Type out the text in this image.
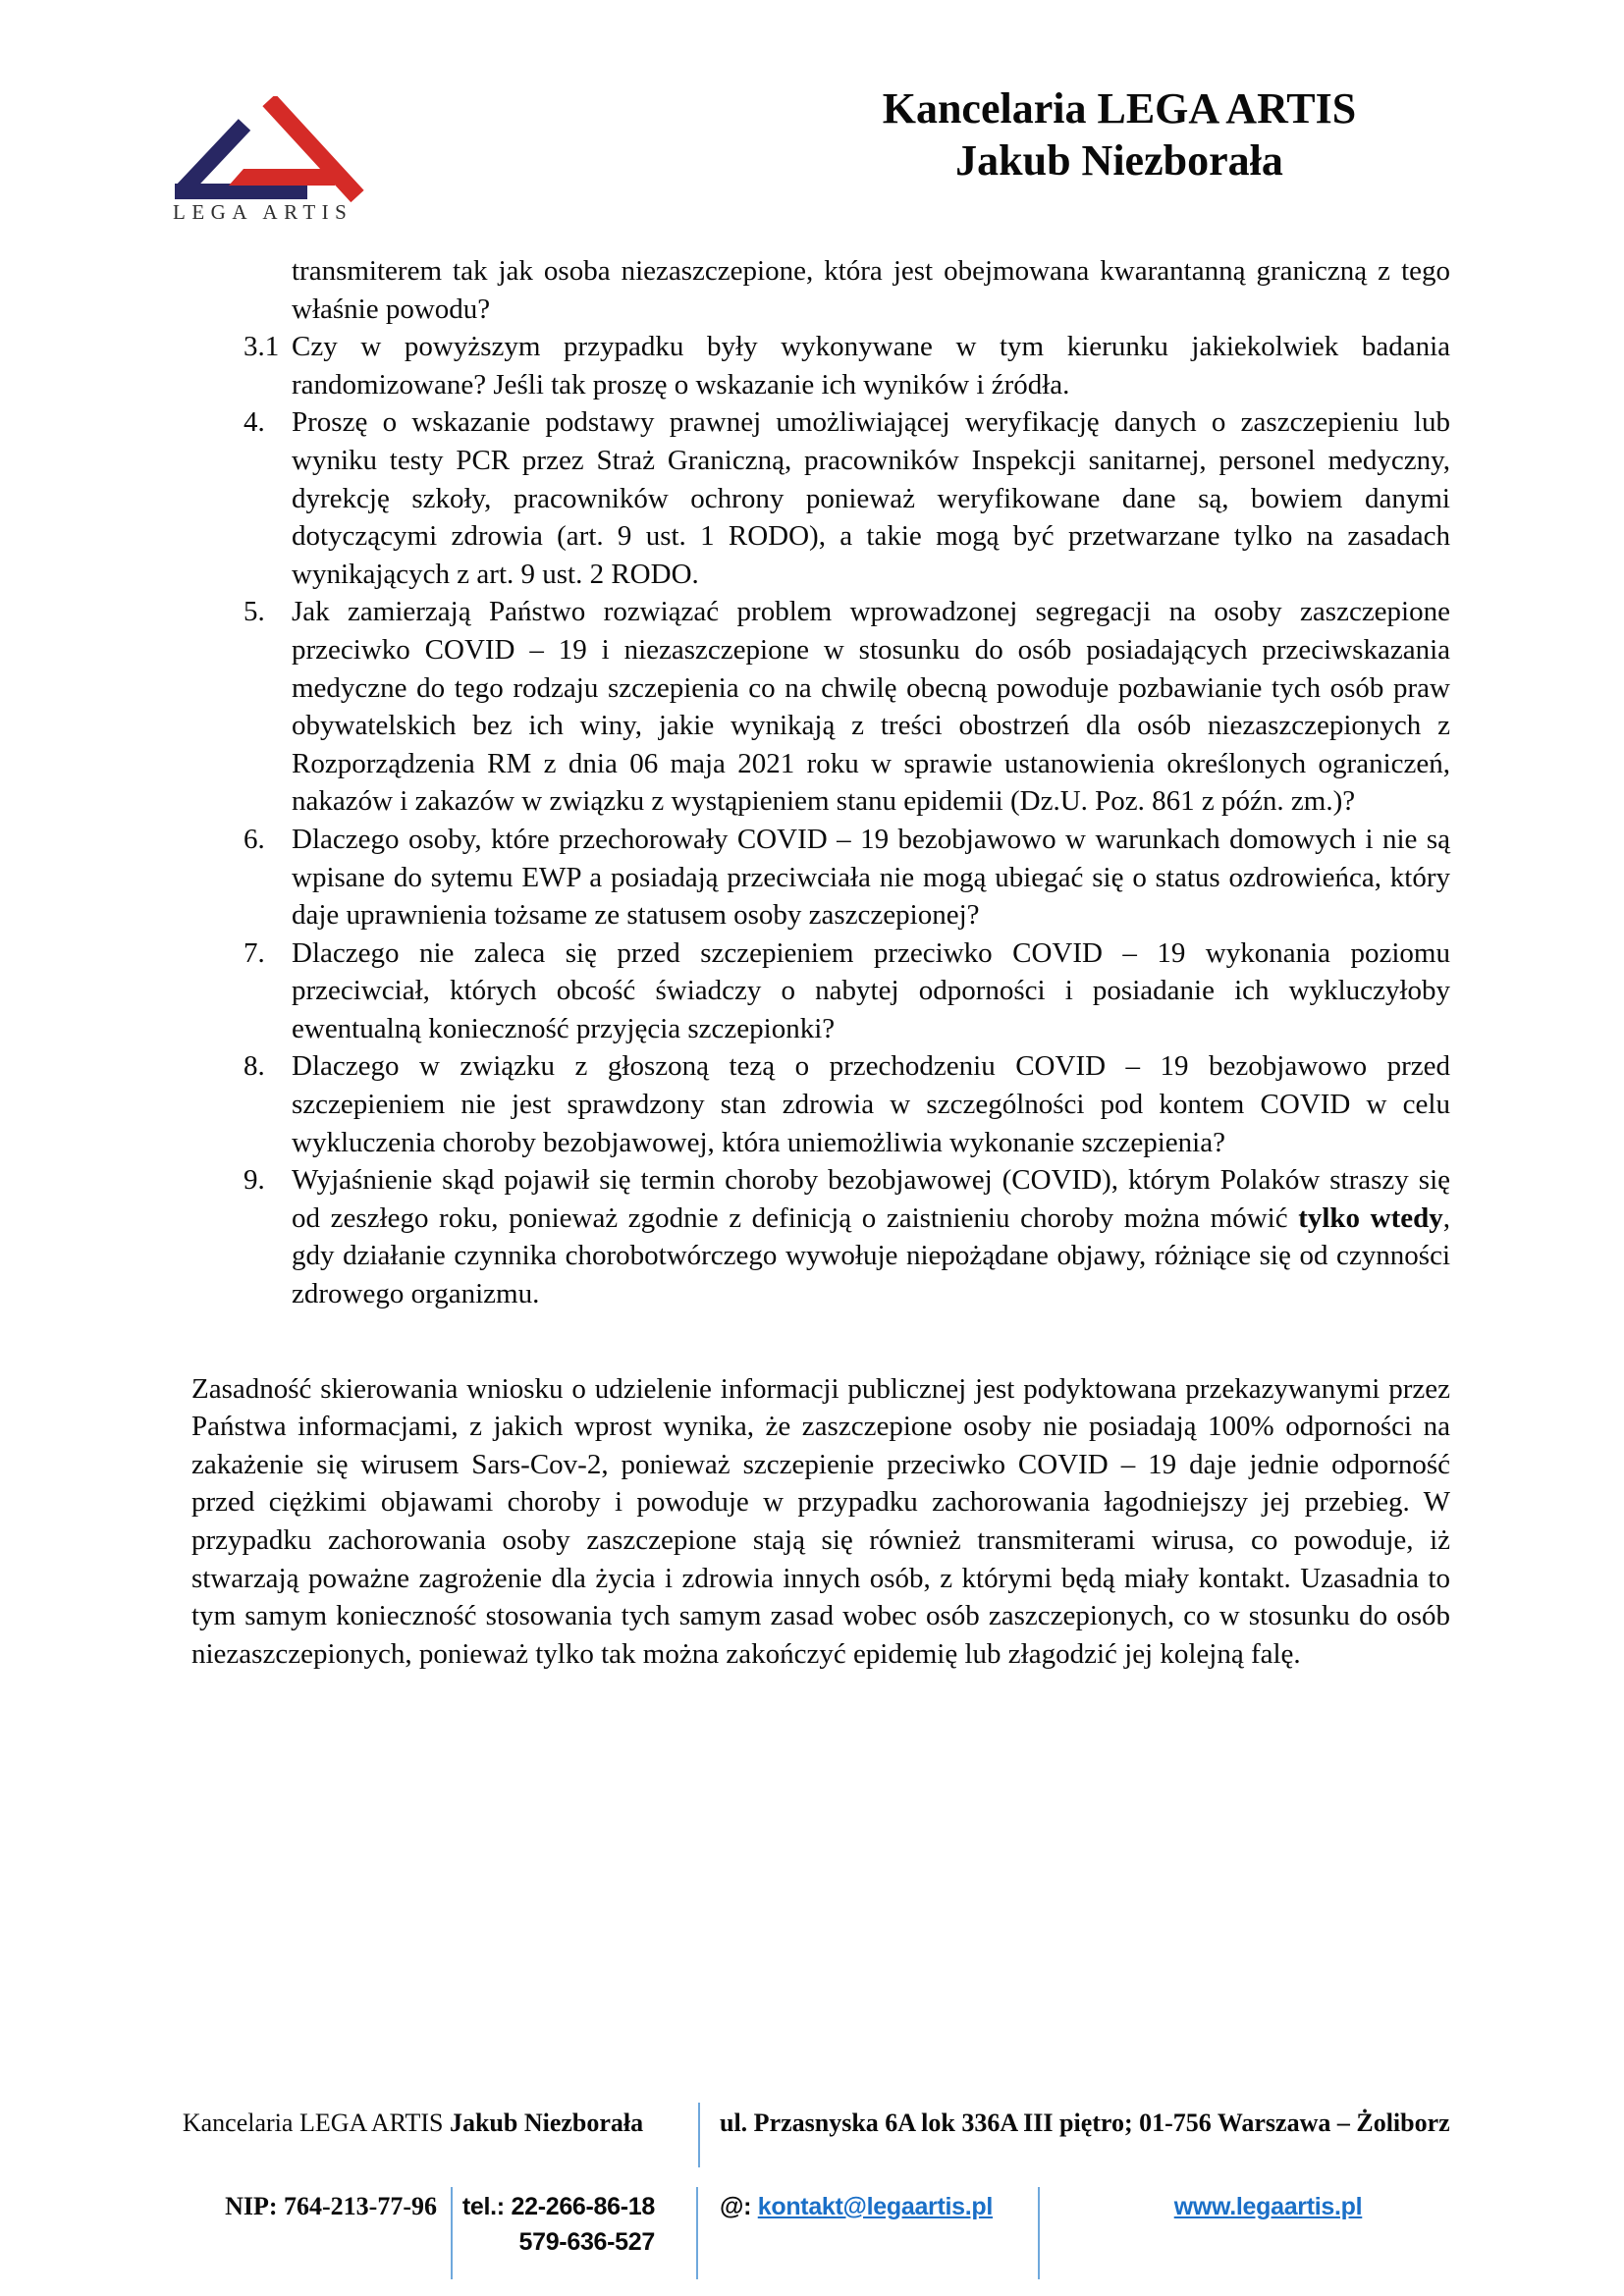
LEGA ARTIS
Kancelaria LEGA ARTIS
Jakub Niezborała
transmiterem tak jak osoba niezaszczepione, która jest obejmowana kwarantanną graniczną z tego właśnie powodu?
3.1 Czy w powyższym przypadku były wykonywane w tym kierunku jakiekolwiek badania randomizowane? Jeśli tak proszę o wskazanie ich wyników i źródła.
4. Proszę o wskazanie podstawy prawnej umożliwiającej weryfikację danych o zaszczepieniu lub wyniku testy PCR przez Straż Graniczną, pracowników Inspekcji sanitarnej, personel medyczny, dyrekcję szkoły, pracowników ochrony ponieważ weryfikowane dane są, bowiem danymi dotyczącymi zdrowia (art. 9 ust. 1 RODO), a takie mogą być przetwarzane tylko na zasadach wynikających z art. 9 ust. 2 RODO.
5. Jak zamierzają Państwo rozwiązać problem wprowadzonej segregacji na osoby zaszczepione przeciwko COVID – 19 i niezaszczepione w stosunku do osób posiadających przeciwskazania medyczne do tego rodzaju szczepienia co na chwilę obecną powoduje pozbawianie tych osób praw obywatelskich bez ich winy, jakie wynikają z treści obostrzeń dla osób niezaszczepionych z Rozporządzenia RM z dnia 06 maja 2021 roku w sprawie ustanowienia określonych ograniczeń, nakazów i zakazów w związku z wystąpieniem stanu epidemii (Dz.U. Poz. 861 z późn. zm.)?
6. Dlaczego osoby, które przechorowały COVID – 19 bezobjawowo w warunkach domowych i nie są wpisane do sytemu EWP a posiadają przeciwciała nie mogą ubiegać się o status ozdrowieńca, który daje uprawnienia tożsame ze statusem osoby zaszczepionej?
7. Dlaczego nie zaleca się przed szczepieniem przeciwko COVID – 19 wykonania poziomu przeciwciał, których obcość świadczy o nabytej odporności i posiadanie ich wykluczyłoby ewentualną konieczność przyjęcia szczepionki?
8. Dlaczego w związku z głoszoną tezą o przechodzeniu COVID – 19 bezobjawowo przed szczepieniem nie jest sprawdzony stan zdrowia w szczególności pod kontem COVID w celu wykluczenia choroby bezobjawowej, która uniemożliwia wykonanie szczepienia?
9. Wyjaśnienie skąd pojawił się termin choroby bezobjawowej (COVID), którym Polaków straszy się od zeszłego roku, ponieważ zgodnie z definicją o zaistnieniu choroby można mówić tylko wtedy, gdy działanie czynnika chorobotwórczego wywołuje niepożądane objawy, różniące się od czynności zdrowego organizmu.

Zasadność skierowania wniosku o udzielenie informacji publicznej jest podyktowana przekazywanymi przez Państwa informacjami, z jakich wprost wynika, że zaszczepione osoby nie posiadają 100% odporności na zakażenie się wirusem Sars-Cov-2, ponieważ szczepienie przeciwko COVID – 19 daje jednie odporność przed ciężkimi objawami choroby i powoduje w przypadku zachorowania łagodniejszy jej przebieg. W przypadku zachorowania osoby zaszczepione stają się również transmiterami wirusa, co powoduje, iż stwarzają poważne zagrożenie dla życia i zdrowia innych osób, z którymi będą miały kontakt. Uzasadnia to tym samym konieczność stosowania tych samym zasad wobec osób zaszczepionych, co w stosunku do osób niezaszczepionych, ponieważ tylko tak można zakończyć epidemię lub złagodzić jej kolejną falę.

Kancelaria LEGA ARTIS Jakub Niezborała	ul. Przasnyska 6A lok 336A III piętro; 01-756 Warszawa – Żoliborz
NIP: 764-213-77-96	tel.: 22-266-86-18
579-636-527
@: kontakt@legaartis.pl	www.legaartis.pl
